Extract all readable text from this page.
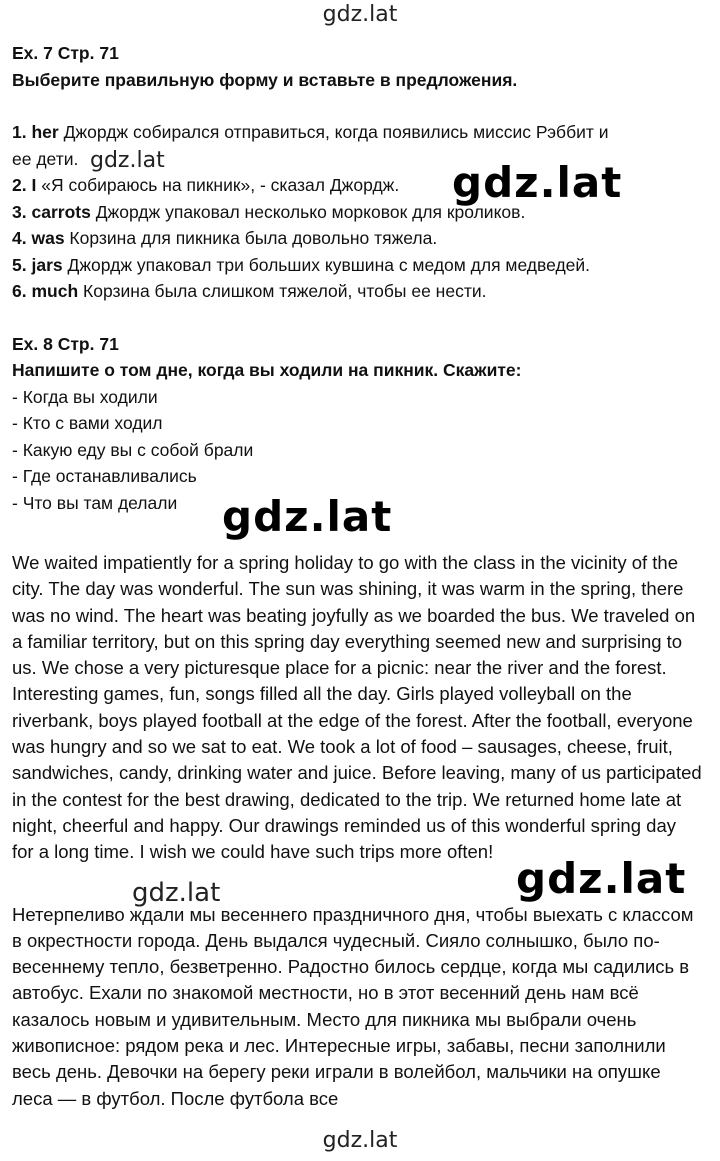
gdz.lat
Ex. 7 Стр. 71
Выберите правильную форму и вставьте в предложения.
1. her Джордж собирался отправиться, когда появились миссис Рэббит и
ее дети.
2. I «Я собираюсь на пикник», - сказал Джордж.
3. carrots Джордж упаковал несколько морковок для кроликов.
4. was Корзина для пикника была довольно тяжела.
5. jars Джордж упаковал три больших кувшина с медом для медведей.
6. much Корзина была слишком тяжелой, чтобы ее нести.
Ex. 8 Стр. 71
Напишите о том дне, когда вы ходили на пикник. Скажите:
- Когда вы ходили
- Кто с вами ходил
- Какую еду вы с собой брали
- Где останавливались
- Что вы там делали

We waited impatiently for a spring holiday to go with the class in the vicinity of the city. The day was wonderful. The sun was shining, it was warm in the spring, there was no wind. The heart was beating joyfully as we boarded the bus. We traveled on a familiar territory, but on this spring day everything seemed new and surprising to us. We chose a very picturesque place for a picnic: near the river and the forest. Interesting games, fun, songs filled all the day. Girls played volleyball on the riverbank, boys played football at the edge of the forest. After the football, everyone was hungry and so we sat to eat. We took a lot of food – sausages, cheese, fruit, sandwiches, candy, drinking water and juice. Before leaving, many of us participated in the contest for the best drawing, dedicated to the trip. We returned home late at night, cheerful and happy. Our drawings reminded us of this wonderful spring day for a long time. I wish we could have such trips more often!

Нетерпеливо ждали мы весеннего праздничного дня, чтобы выехать с классом в окрестности города. День выдался чудесный. Сияло солнышко, было по-весеннему тепло, безветренно. Радостно билось сердце, когда мы садились в автобус. Ехали по знакомой местности, но в этот весенний день нам всё казалось новым и удивительным. Место для пикника мы выбрали очень живописное: рядом река и лес. Интересные игры, забавы, песни заполнили весь день. Девочки на берегу реки играли в волейбол, мальчики на опушке леса — в футбол. После футбола все

gdz.lat	gdz.lat
gdz.lat
gdz.lat
gdz.lat
gdz.lat
